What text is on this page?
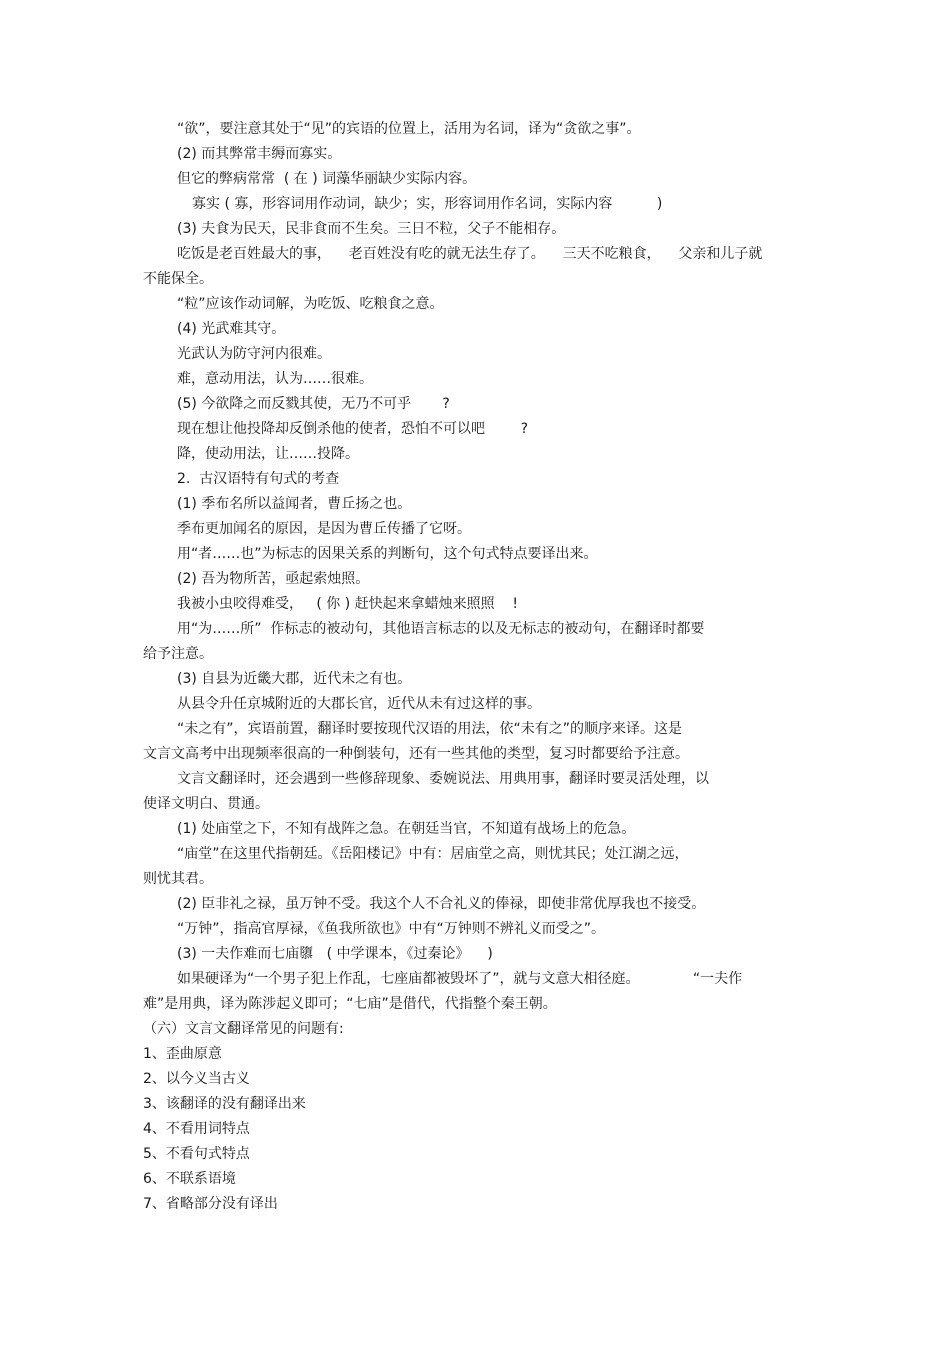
“欲”，要注意其处于“见”的宾语的位置上，活用为名词，译为“贪欲之事”。
(2) 而其弊常丰缛而寡实。
但它的弊病常常  ( 在 ) 词藻华丽缺少实际内容。
寡实 ( 寡，形容词用作动词，缺少；实，形容词用作名词，实际内容          )
(3) 夫食为民天，民非食而不生矣。三日不粒，父子不能相存。
吃饭是老百姓最大的事，    老百姓没有吃的就无法生存了。    三天不吃粮食，    父亲和儿子就
不能保全。
“粒”应该作动词解，为吃饭、吃粮食之意。
(4) 光武难其守。
光武认为防守河内很难。
难，意动用法，认为……很难。
(5) 今欲降之而反戮其使，无乃不可乎       ?
现在想让他投降却反倒杀他的使者，恐怕不可以吧        ?
降，使动用法，让……投降。
2.  古汉语特有句式的考查
(1) 季布名所以益闻者，曹丘扬之也。
季布更加闻名的原因，是因为曹丘传播了它呀。
用“者……也”为标志的因果关系的判断句，这个句式特点要译出来。
(2) 吾为物所苦，亟起索烛照。
我被小虫咬得难受，   ( 你 ) 赶快起来拿蜡烛来照照    !
用“为……所”  作标志的被动句，其他语言标志的以及无标志的被动句，在翻译时都要
给予注意。
(3) 自县为近畿大郡，近代未之有也。
从县令升任京城附近的大郡长官，近代从未有过这样的事。
“未之有”，宾语前置，翻译时要按现代汉语的用法，依“未有之”的顺序来译。这是
文言文高考中出现频率很高的一种倒装句，还有一些其他的类型，复习时都要给予注意。
文言文翻译时，还会遇到一些修辞现象、委婉说法、用典用事，翻译时要灵活处理，以
使译文明白、贯通。
(1) 处庙堂之下，不知有战阵之急。在朝廷当官，不知道有战场上的危急。
“庙堂”在这里代指朝廷。《岳阳楼记》中有：居庙堂之高，则忧其民；处江湖之远，
则忧其君。
(2) 臣非礼之禄，虽万钟不受。我这个人不合礼义的俸禄，即使非常优厚我也不接受。
“万钟”，指高官厚禄，《鱼我所欲也》中有“万钟则不辨礼义而受之”。
(3) 一夫作难而七庙隳   ( 中学课本，《过秦论》    )
如果硬译为“一个男子犯上作乱，七座庙都被毁坏了”，就与文意大相径庭。            “一夫作
难”是用典，译为陈涉起义即可；“七庙”是借代，代指整个秦王朝。
（六）文言文翻译常见的问题有:
1、歪曲原意
2、以今义当古义
3、该翻译的没有翻译出来
4、不看用词特点
5、不看句式特点
6、不联系语境
7、省略部分没有译出
